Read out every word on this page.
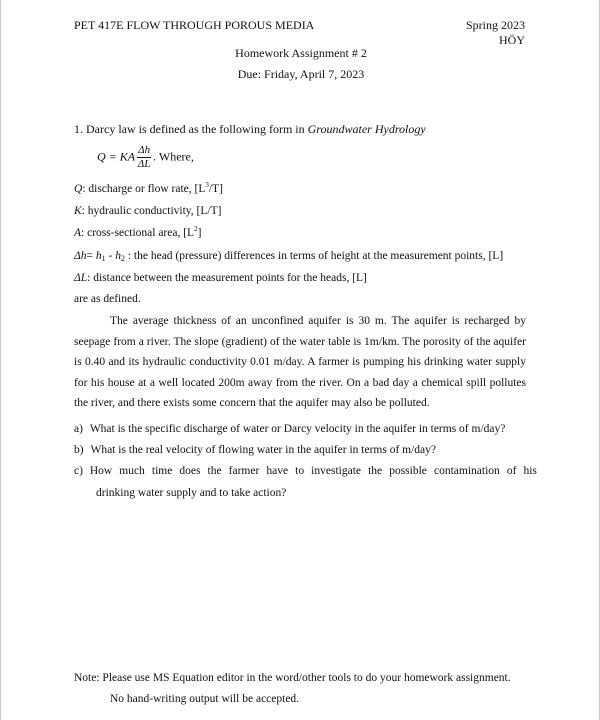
PET 417E FLOW THROUGH POROUS MEDIA	Spring 2023
HÖY
Homework Assignment # 2
Due: Friday, April 7, 2023
1. Darcy law is defined as the following form in Groundwater Hydrology
Q = KA $\frac{\Delta h}{\Delta L}$ . Where,
Q: discharge or flow rate, $[L^3/T]$
K: hydraulic conductivity, [L/T]
A: cross-sectional area, $[L^2]$
$\Delta h= h_1 - h_2$ : the head (pressure) differences in terms of height at the measurement points, [L]
ΔL: distance between the measurement points for the heads, [L]
are as defined.
The average thickness of an unconfined aquifer is 30 m. The aquifer is recharged by seepage from a river. The slope (gradient) of the water table is 1m/km. The porosity of the aquifer is 0.40 and its hydraulic conductivity 0.01 m/day. A farmer is pumping his drinking water supply for his house at a well located 200m away from the river. On a bad day a chemical spill pollutes the river, and there exists some concern that the aquifer may also be polluted.
a) What is the specific discharge of water or Darcy velocity in the aquifer in terms of m/day?
b) What is the real velocity of flowing water in the aquifer in terms of m/day?
c) How much time does the farmer have to investigate the possible contamination of his
drinking water supply and to take action?
Note: Please use MS Equation editor in the word/other tools to do your homework assignment.
No hand-writing output will be accepted.
